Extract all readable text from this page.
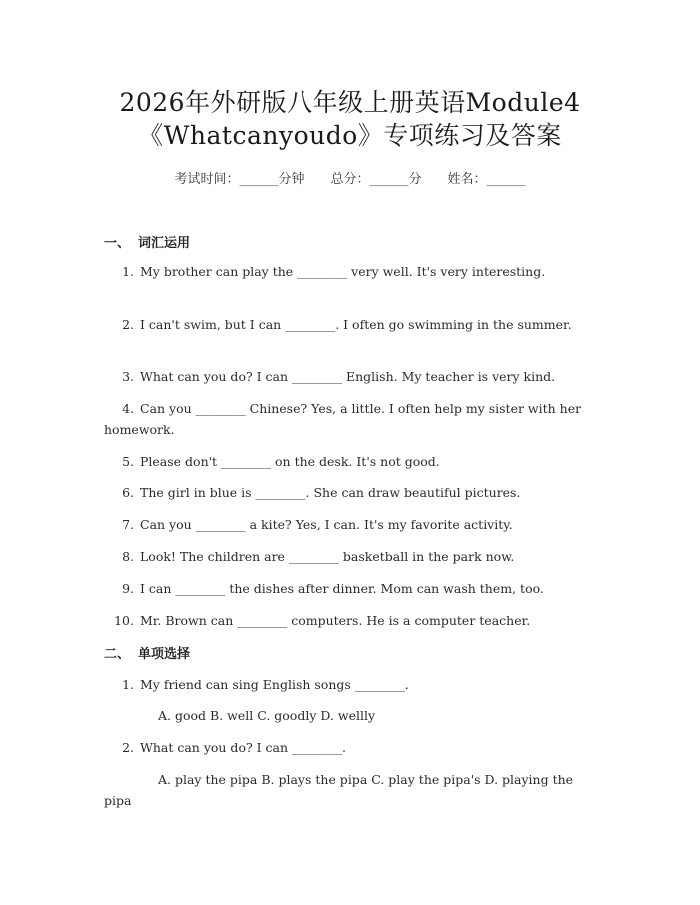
2026年外研版八年级上册英语Module4
《Whatcanyoudo》专项练习及答案
考试时间：______分钟 总分：______分 姓名：______
一、 词汇运用
1. My brother can play the ________ very well. It's very interesting.
2. I can't swim, but I can ________. I often go swimming in the summer.
3. What can you do? I can ________ English. My teacher is very kind.
4. Can you ________ Chinese? Yes, a little. I often help my sister with her homework.
5. Please don't ________ on the desk. It's not good.
6. The girl in blue is ________. She can draw beautiful pictures.
7. Can you ________ a kite? Yes, I can. It's my favorite activity.
8. Look! The children are ________ basketball in the park now.
9. I can ________ the dishes after dinner. Mom can wash them, too.
10. Mr. Brown can ________ computers. He is a computer teacher.
二、 单项选择
1. My friend can sing English songs ________.
A. good B. well C. goodly D. wellly
2. What can you do? I can ________.
A. play the pipa B. plays the pipa C. play the pipa's D. playing the pipa
